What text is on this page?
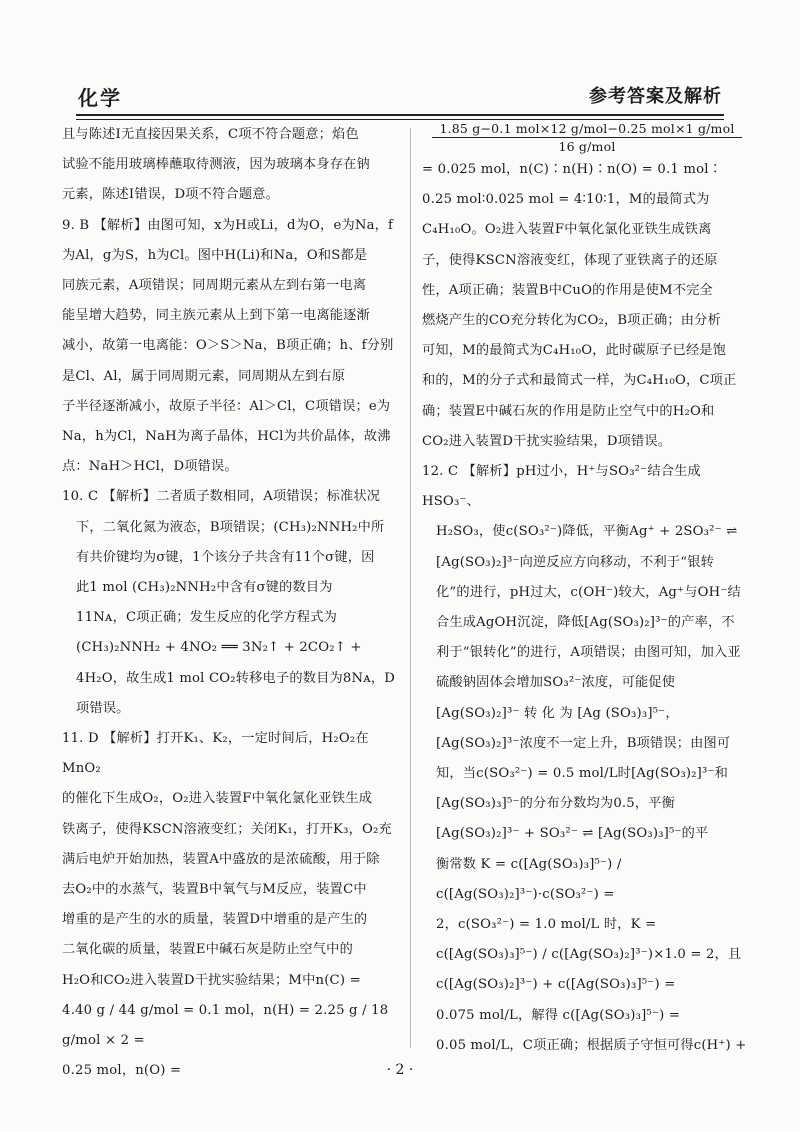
化学	参考答案及解析

且与陈述Ⅰ无直接因果关系，C项不符合题意；焰色

试验不能用玻璃棒蘸取待测液，因为玻璃本身存在钠

元素，陈述Ⅰ错误，D项不符合题意。

9. B 【解析】由图可知，x为H或Li，d为O，e为Na，f

为Al，g为S，h为Cl。图中H(Li)和Na，O和S都是

同族元素，A项错误；同周期元素从左到右第一电离

能呈增大趋势，同主族元素从上到下第一电离能逐渐

减小，故第一电离能：O＞S＞Na，B项正确；h、f分别

是Cl、Al，属于同周期元素，同周期从左到右原

子半径逐渐减小，故原子半径：Al＞Cl，C项错误；e为

Na，h为Cl，NaH为离子晶体，HCl为共价晶体，故沸

点：NaH＞HCl，D项错误。

10. C 【解析】二者质子数相同，A项错误；标准状况

下，二氧化氮为液态，B项错误；(CH₃)₂NNH₂中所

有共价键均为σ键，1个该分子共含有11个σ键，因

此1 mol (CH₃)₂NNH₂中含有σ键的数目为

11Nᴀ，C项正确；发生反应的化学方程式为

(CH₃)₂NNH₂ + 4NO₂ ══ 3N₂↑ + 2CO₂↑ +

4H₂O，故生成1 mol CO₂转移电子的数目为8Nᴀ，D

项错误。

11. D 【解析】打开K₁、K₂，一定时间后，H₂O₂在MnO₂

的催化下生成O₂，O₂进入装置F中氧化氯化亚铁生成

铁离子，使得KSCN溶液变红；关闭K₁，打开K₃，O₂充

满后电炉开始加热，装置A中盛放的是浓硫酸，用于除

去O₂中的水蒸气，装置B中氧气与M反应，装置C中

增重的是产生的水的质量，装置D中增重的是产生的

二氧化碳的质量，装置E中碱石灰是防止空气中的

H₂O和CO₂进入装置D干扰实验结果；M中n(C) =

4.40 g / 44 g/mol = 0.1 mol，n(H) = 2.25 g / 18 g/mol × 2 =

0.25 mol，n(O) =

1.85 g−0.1 mol×12 g/mol−0.25 mol×1 g/mol
16 g/mol

= 0.025 mol，n(C)∶n(H)∶n(O) = 0.1 mol∶

0.25 mol∶0.025 mol = 4∶10∶1，M的最简式为

C₄H₁₀O。O₂进入装置F中氧化氯化亚铁生成铁离

子，使得KSCN溶液变红，体现了亚铁离子的还原

性，A项正确；装置B中CuO的作用是使M不完全

燃烧产生的CO充分转化为CO₂，B项正确；由分析

可知，M的最简式为C₄H₁₀O，此时碳原子已经是饱

和的，M的分子式和最简式一样，为C₄H₁₀O，C项正

确；装置E中碱石灰的作用是防止空气中的H₂O和

CO₂进入装置D干扰实验结果，D项错误。

12. C 【解析】pH过小，H⁺与SO₃²⁻结合生成HSO₃⁻、

H₂SO₃，使c(SO₃²⁻)降低，平衡Ag⁺ + 2SO₃²⁻ ⇌

[Ag(SO₃)₂]³⁻向逆反应方向移动，不利于“银转

化”的进行，pH过大，c(OH⁻)较大，Ag⁺与OH⁻结

合生成AgOH沉淀，降低[Ag(SO₃)₂]³⁻的产率，不

利于“银转化”的进行，A项错误；由图可知，加入亚

硫酸钠固体会增加SO₃²⁻浓度，可能促使

[Ag(SO₃)₂]³⁻ 转 化 为 [Ag (SO₃)₃]⁵⁻，

[Ag(SO₃)₂]³⁻浓度不一定上升，B项错误；由图可

知，当c(SO₃²⁻) = 0.5 mol/L时[Ag(SO₃)₂]³⁻和

[Ag(SO₃)₃]⁵⁻的分布分数均为0.5，平衡

[Ag(SO₃)₂]³⁻ + SO₃²⁻ ⇌ [Ag(SO₃)₃]⁵⁻的平

衡常数 K = c([Ag(SO₃)₃]⁵⁻) / c([Ag(SO₃)₂]³⁻)·c(SO₃²⁻) =

2，c(SO₃²⁻) = 1.0 mol/L 时，K =

c([Ag(SO₃)₃]⁵⁻) / c([Ag(SO₃)₂]³⁻)×1.0 = 2，且

c([Ag(SO₃)₂]³⁻) + c([Ag(SO₃)₃]⁵⁻) =

0.075 mol/L，解得 c([Ag(SO₃)₃]⁵⁻) =

0.05 mol/L，C项正确；根据质子守恒可得c(H⁺) +

· 2 ·
